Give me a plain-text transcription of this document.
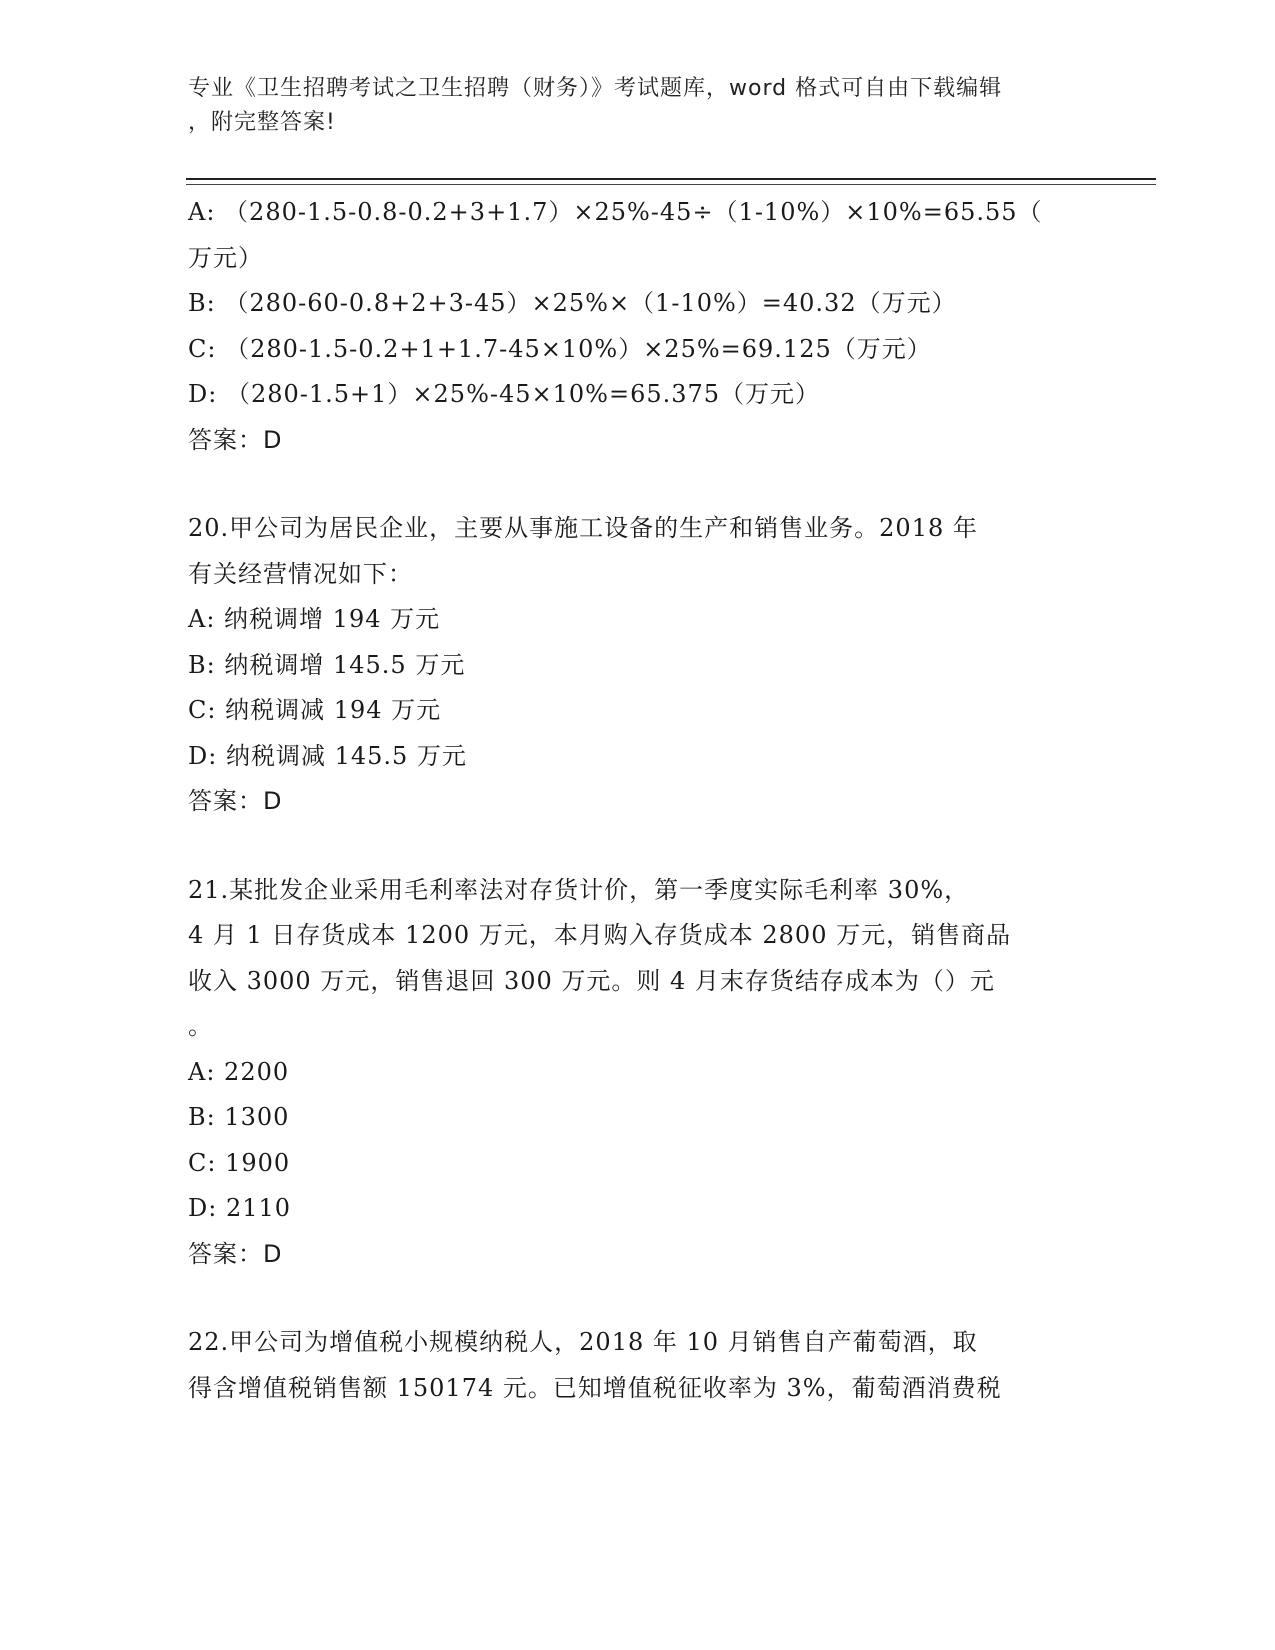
专业《卫生招聘考试之卫生招聘（财务）》考试题库，word 格式可自由下载编辑
，附完整答案!
A: （280-1.5-0.8-0.2+3+1.7）×25%-45÷（1-10%）×10%=65.55（
万元）
B: （280-60-0.8+2+3-45）×25%×（1-10%）=40.32（万元）
C: （280-1.5-0.2+1+1.7-45×10%）×25%=69.125（万元）
D: （280-1.5+1）×25%-45×10%=65.375（万元）
答案：D
20.甲公司为居民企业，主要从事施工设备的生产和销售业务。2018 年
有关经营情况如下：
A: 纳税调增 194 万元
B: 纳税调增 145.5 万元
C: 纳税调减 194 万元
D: 纳税调减 145.5 万元
答案：D
21.某批发企业采用毛利率法对存货计价，第一季度实际毛利率 30%，
4 月 1 日存货成本 1200 万元，本月购入存货成本 2800 万元，销售商品
收入 3000 万元，销售退回 300 万元。则 4 月末存货结存成本为（）元
。
A: 2200
B: 1300
C: 1900
D: 2110
答案：D
22.甲公司为增值税小规模纳税人，2018 年 10 月销售自产葡萄酒，取
得含增值税销售额 150174 元。已知增值税征收率为 3%，葡萄酒消费税
